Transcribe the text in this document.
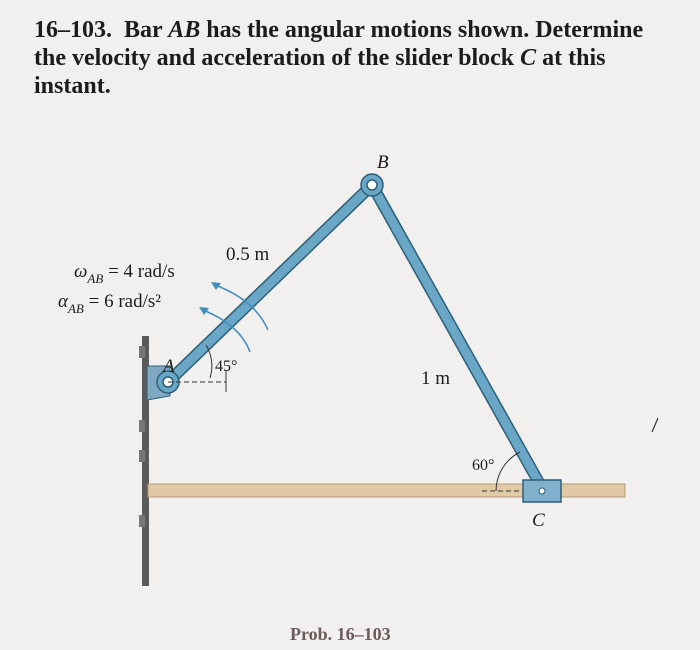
16–103. Bar AB has the angular motions shown. Determine the velocity and acceleration of the slider block C at this instant.

A
B
C
0.5 m
1 m
45°
60°
$\omega_{AB} = 4$ rad/s
$\alpha_{AB} = 6$ rad/s²
Prob. 16–103
